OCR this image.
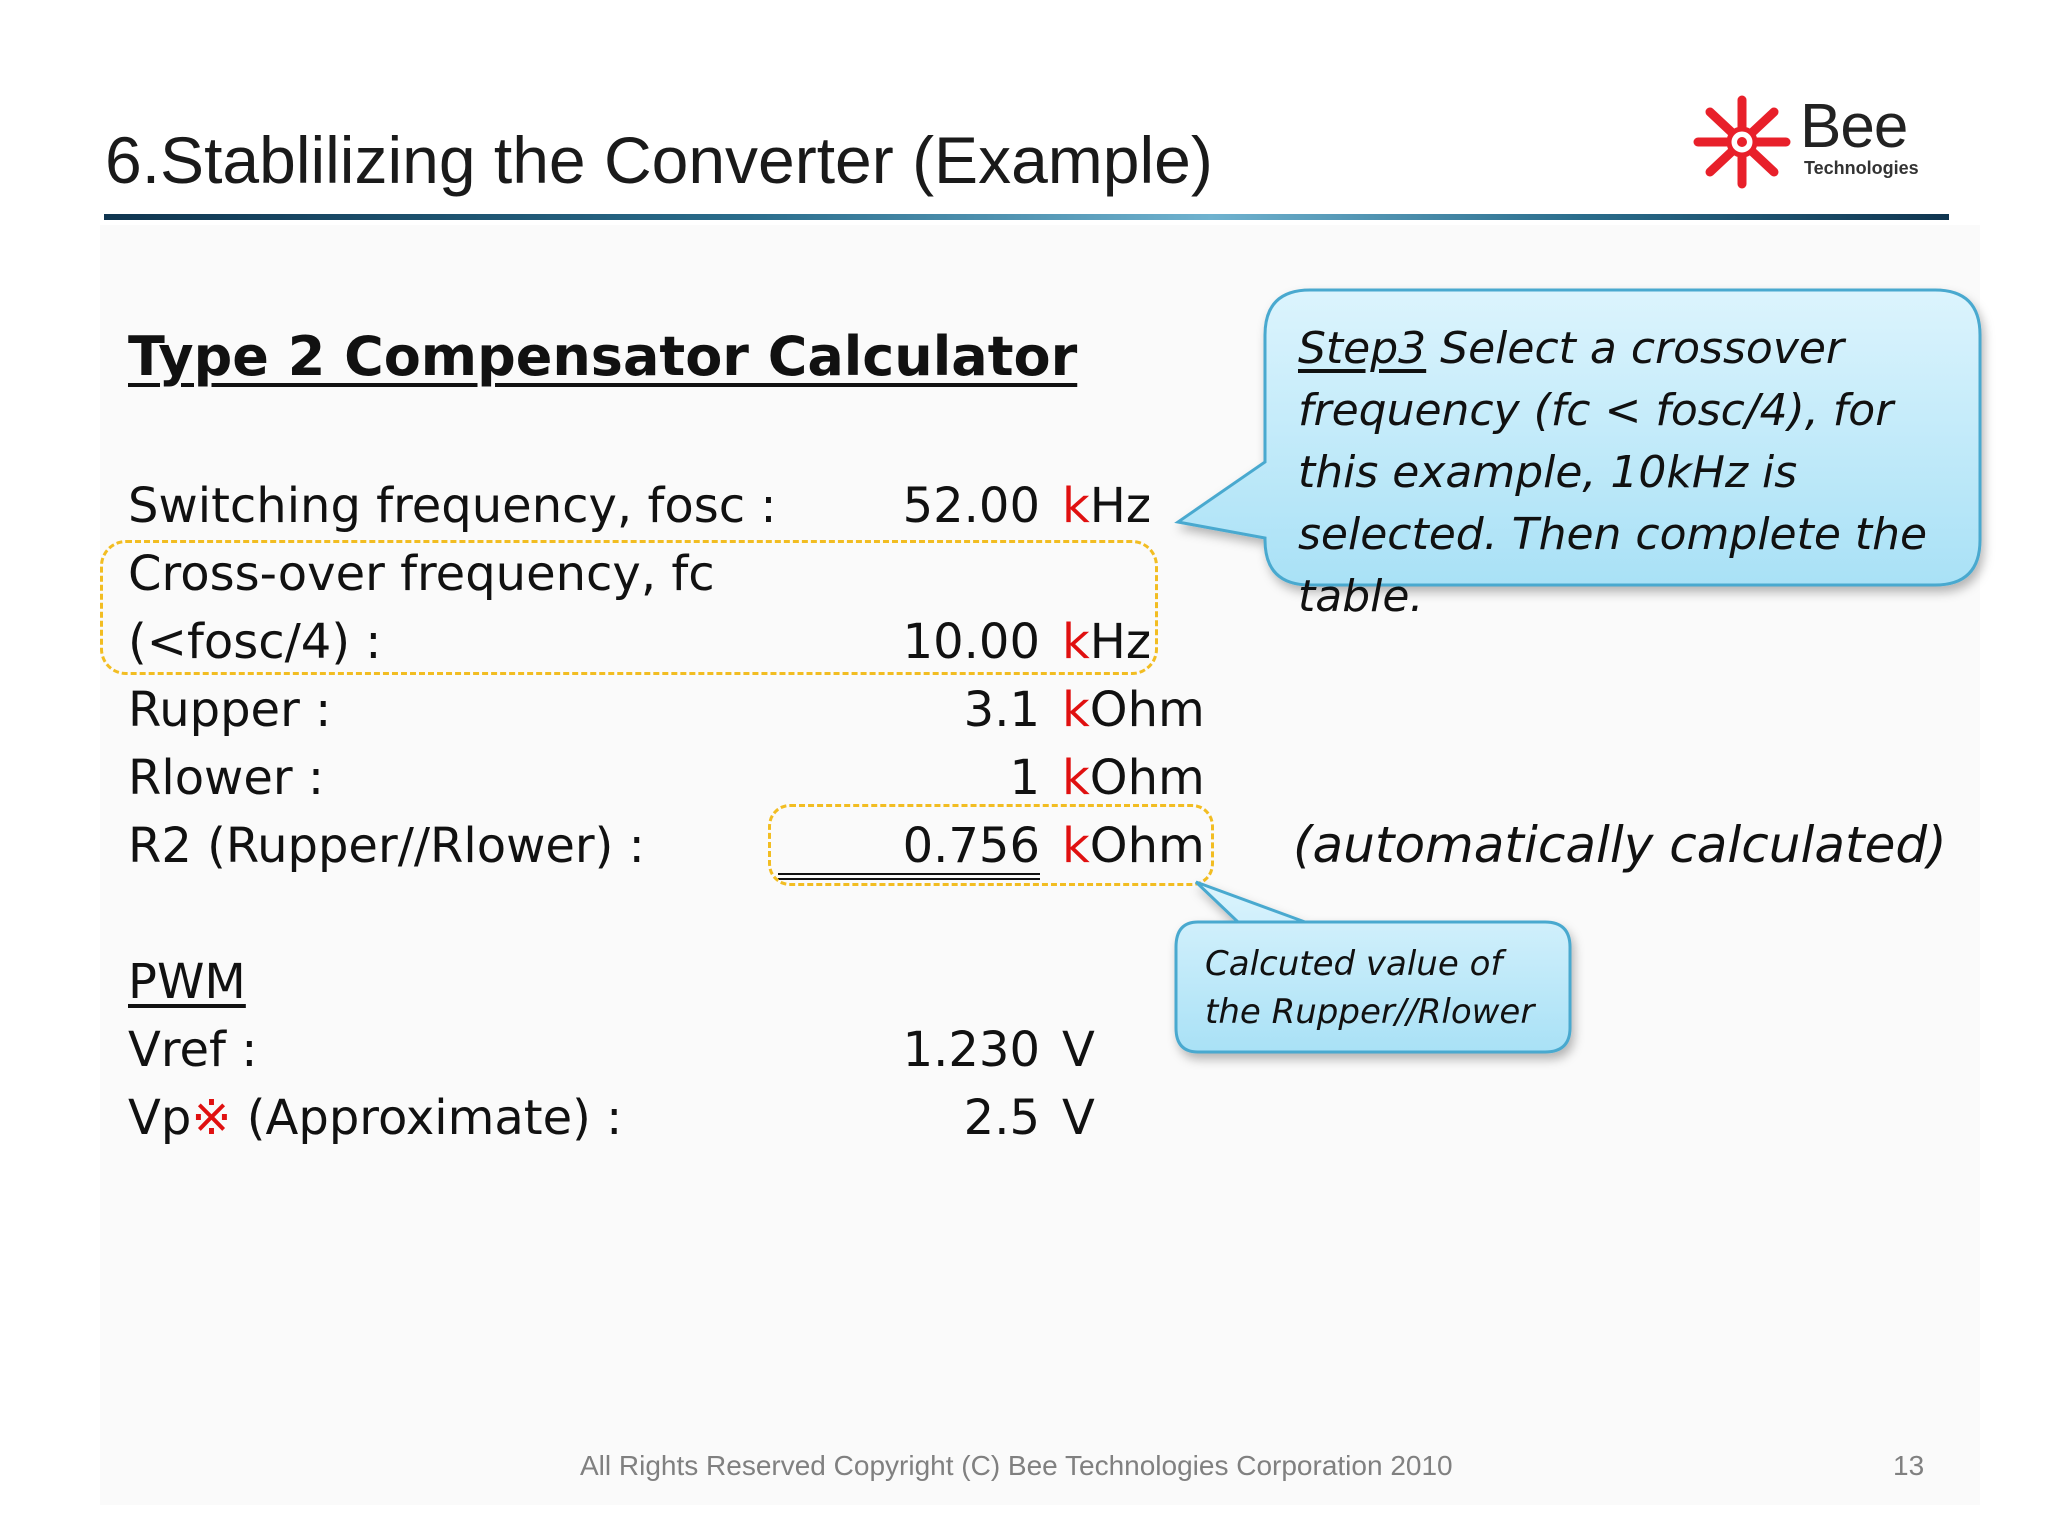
6.Stablilizing the Converter (Example)	Bee
Technologies
Type 2 Compensator Calculator
Switching frequency, fosc :	52.00 kHz
Cross-over frequency, fc
(<fosc/4) :	10.00 kHz
Rupper :	3.1 kOhm
Rlower :	1 kOhm
R2 (Rupper//Rlower) :	0.756 kOhm (automatically calculated)
PWM
Vref :	1.230 V
Vp※ (Approximate) :	2.5 V
Step3 Select a crossover frequency (fc < fosc/4), for this example, 10kHz is selected. Then complete the table.
Calcuted value of the Rupper//Rlower
All Rights Reserved Copyright (C) Bee Technologies Corporation 2010	13
